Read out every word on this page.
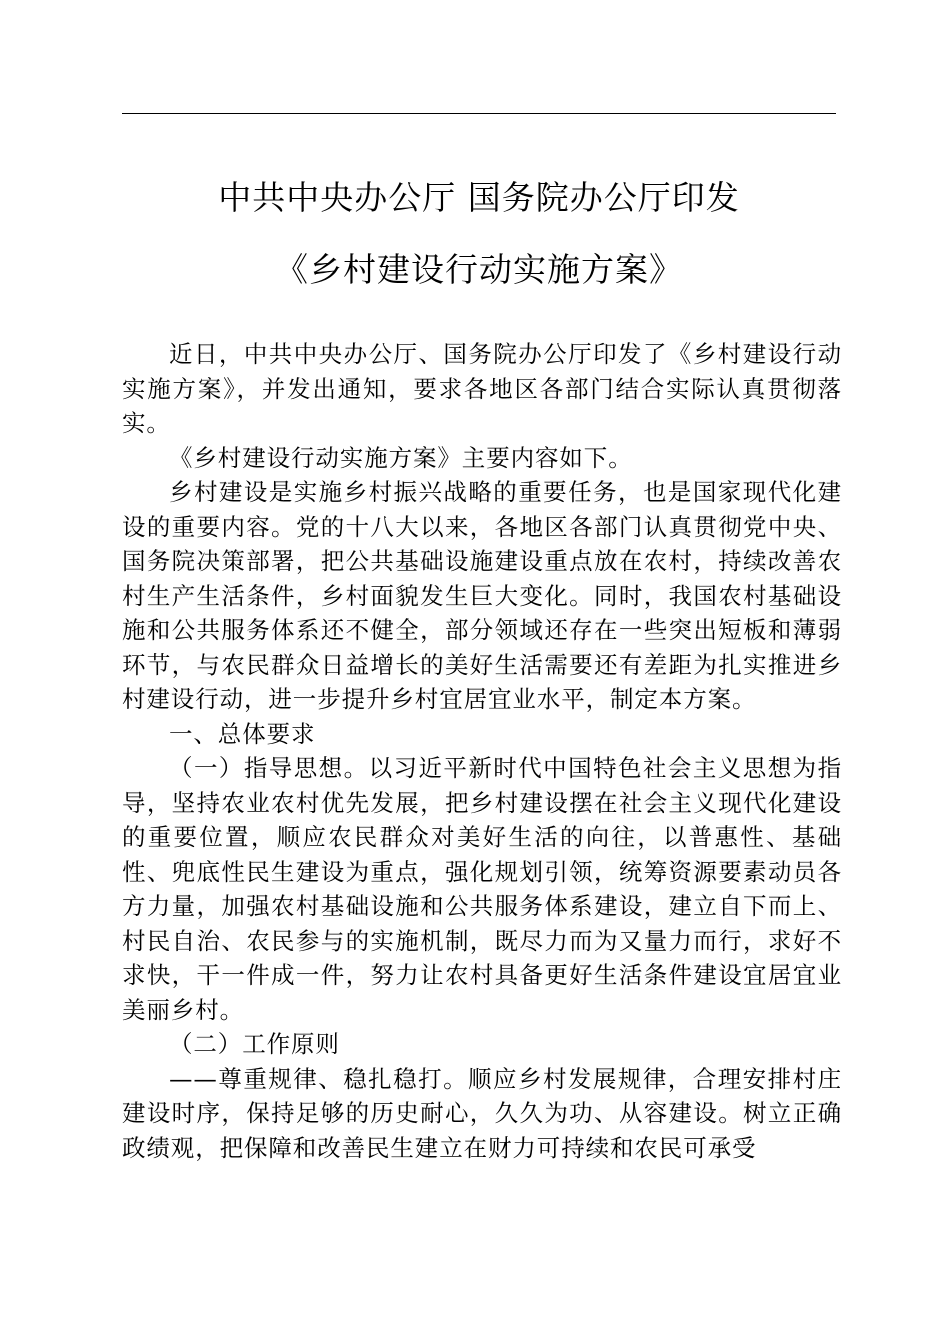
中共中央办公厅 国务院办公厅印发
《乡村建设行动实施方案》

近日，中共中央办公厅、国务院办公厅印发了《乡村建设行动实施方案》，并发出通知，要求各地区各部门结合实际认真贯彻落实。

《乡村建设行动实施方案》主要内容如下。

乡村建设是实施乡村振兴战略的重要任务，也是国家现代化建设的重要内容。党的十八大以来，各地区各部门认真贯彻党中央、国务院决策部署，把公共基础设施建设重点放在农村，持续改善农村生产生活条件，乡村面貌发生巨大变化。同时，我国农村基础设施和公共服务体系还不健全，部分领域还存在一些突出短板和薄弱环节，与农民群众日益增长的美好生活需要还有差距为扎实推进乡村建设行动，进一步提升乡村宜居宜业水平，制定本方案。

一、总体要求

（一）指导思想。以习近平新时代中国特色社会主义思想为指导，坚持农业农村优先发展，把乡村建设摆在社会主义现代化建设的重要位置，顺应农民群众对美好生活的向往，以普惠性、基础性、兜底性民生建设为重点，强化规划引领，统筹资源要素动员各方力量，加强农村基础设施和公共服务体系建设，建立自下而上、村民自治、农民参与的实施机制，既尽力而为又量力而行，求好不求快，干一件成一件，努力让农村具备更好生活条件建设宜居宜业美丽乡村。

（二）工作原则

——尊重规律、稳扎稳打。顺应乡村发展规律，合理安排村庄建设时序，保持足够的历史耐心，久久为功、从容建设。树立正确政绩观，把保障和改善民生建立在财力可持续和农民可承受
